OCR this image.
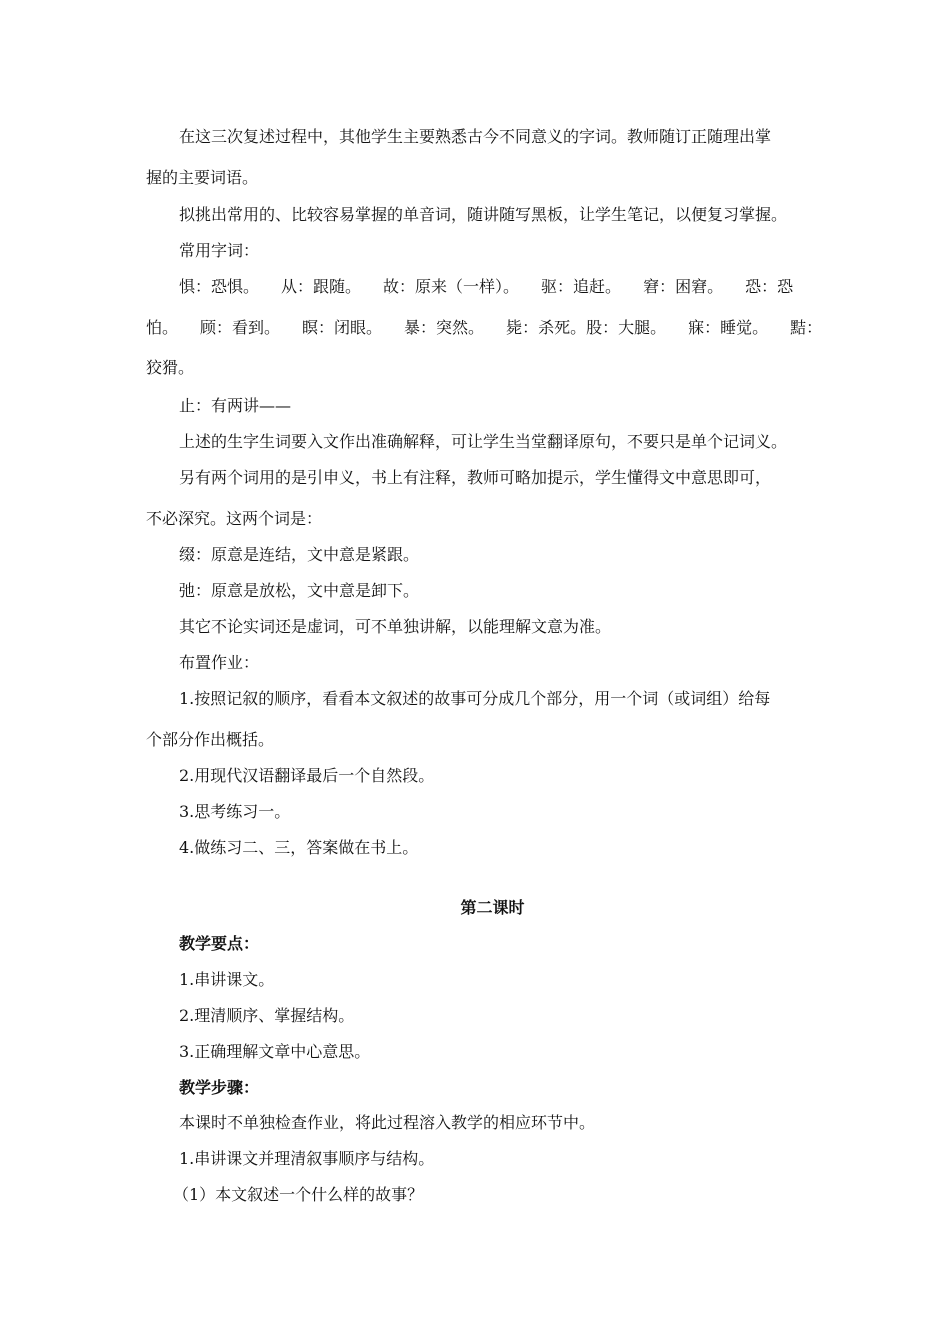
在这三次复述过程中，其他学生主要熟悉古今不同意义的字词。教师随订正随理出掌
握的主要词语。
拟挑出常用的、比较容易掌握的单音词，随讲随写黑板，让学生笔记，以便复习掌握。
常用字词：
惧：恐惧。 从：跟随。 故：原来（一样）。 驱：追赶。 窘：困窘。 恐：恐
怕。 顾：看到。 瞑：闭眼。 暴：突然。 毙：杀死。股：大腿。 寐：睡觉。 黠：
狡猾。
止：有两讲——
上述的生字生词要入文作出准确解释，可让学生当堂翻译原句，不要只是单个记词义。
另有两个词用的是引申义，书上有注释，教师可略加提示，学生懂得文中意思即可，
不必深究。这两个词是：
缀：原意是连结，文中意是紧跟。
弛：原意是放松，文中意是卸下。
其它不论实词还是虚词，可不单独讲解，以能理解文意为准。
布置作业：
1.按照记叙的顺序，看看本文叙述的故事可分成几个部分，用一个词（或词组）给每
个部分作出概括。
2.用现代汉语翻译最后一个自然段。
3.思考练习一。
4.做练习二、三，答案做在书上。
第二课时
教学要点：
1.串讲课文。
2.理清顺序、掌握结构。
3.正确理解文章中心意思。
教学步骤：
本课时不单独检查作业，将此过程溶入教学的相应环节中。
1.串讲课文并理清叙事顺序与结构。
（1）本文叙述一个什么样的故事？
